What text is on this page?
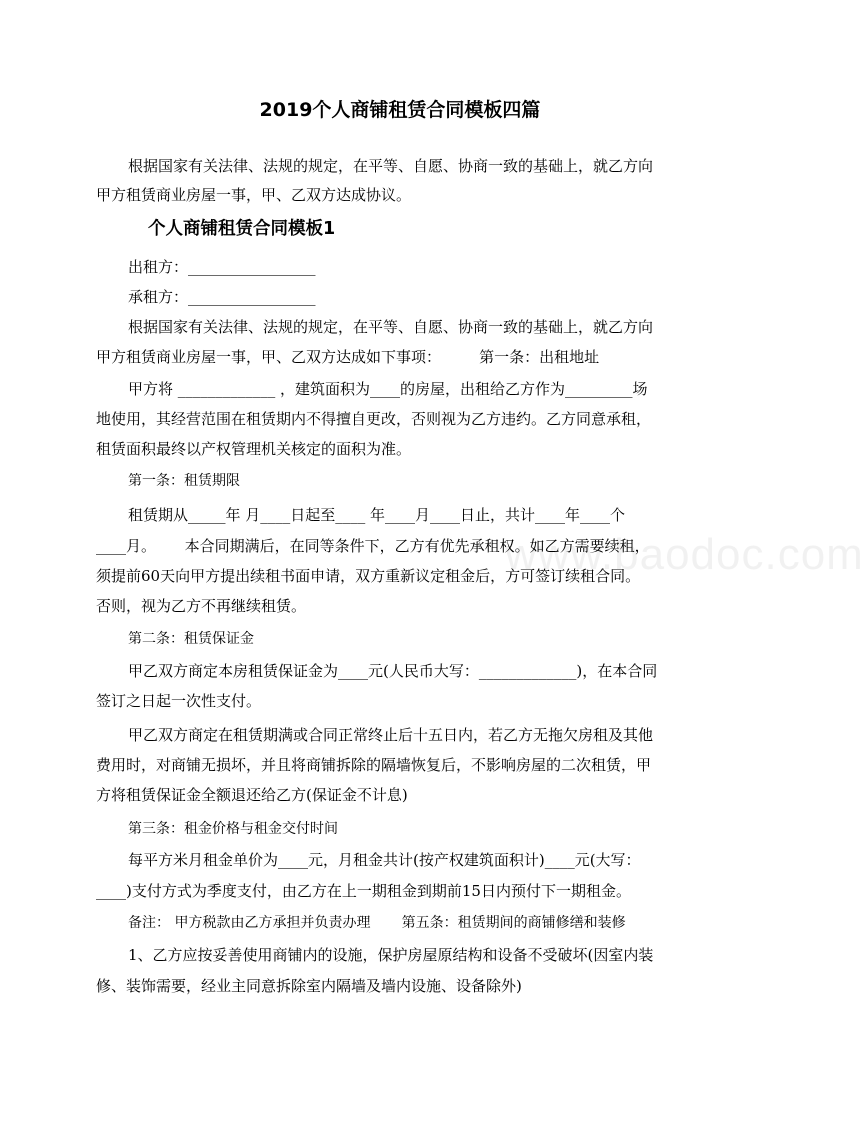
www.baodoc.com
2019个人商铺租赁合同模板四篇
根据国家有关法律、法规的规定，在平等、自愿、协商一致的基础上，就乙方向
甲方租赁商业房屋一事，甲、乙双方达成协议。
个人商铺租赁合同模板1
出租方：_________________
承租方：_________________
根据国家有关法律、法规的规定，在平等、自愿、协商一致的基础上，就乙方向
甲方租赁商业房屋一事，甲、乙双方达成如下事项：        第一条：出租地址
甲方将 _____________ ，建筑面积为____的房屋，出租给乙方作为_________场
地使用，其经营范围在租赁期内不得擅自更改，否则视为乙方违约。乙方同意承租，
租赁面积最终以产权管理机关核定的面积为准。
第一条：租赁期限
租赁期从_____年 月____日起至____ 年____月____日止，共计____年____个
____月。      本合同期满后，在同等条件下，乙方有优先承租权。如乙方需要续租，
须提前60天向甲方提出续租书面申请，双方重新议定租金后，方可签订续租合同。
否则，视为乙方不再继续租赁。
第二条：租赁保证金
甲乙双方商定本房租赁保证金为____元(人民币大写：_____________)，在本合同
签订之日起一次性支付。
甲乙双方商定在租赁期满或合同正常终止后十五日内，若乙方无拖欠房租及其他
费用时，对商铺无损坏，并且将商铺拆除的隔墙恢复后，不影响房屋的二次租赁，甲
方将租赁保证金全额退还给乙方(保证金不计息)
第三条：租金价格与租金交付时间
每平方米月租金单价为____元，月租金共计(按产权建筑面积计)____元(大写：
____)支付方式为季度支付，由乙方在上一期租金到期前15日内预付下一期租金。
备注： 甲方税款由乙方承担并负责办理       第五条：租赁期间的商铺修缮和装修
1、乙方应按妥善使用商铺内的设施，保护房屋原结构和设备不受破坏(因室内装
修、装饰需要，经业主同意拆除室内隔墙及墙内设施、设备除外)
